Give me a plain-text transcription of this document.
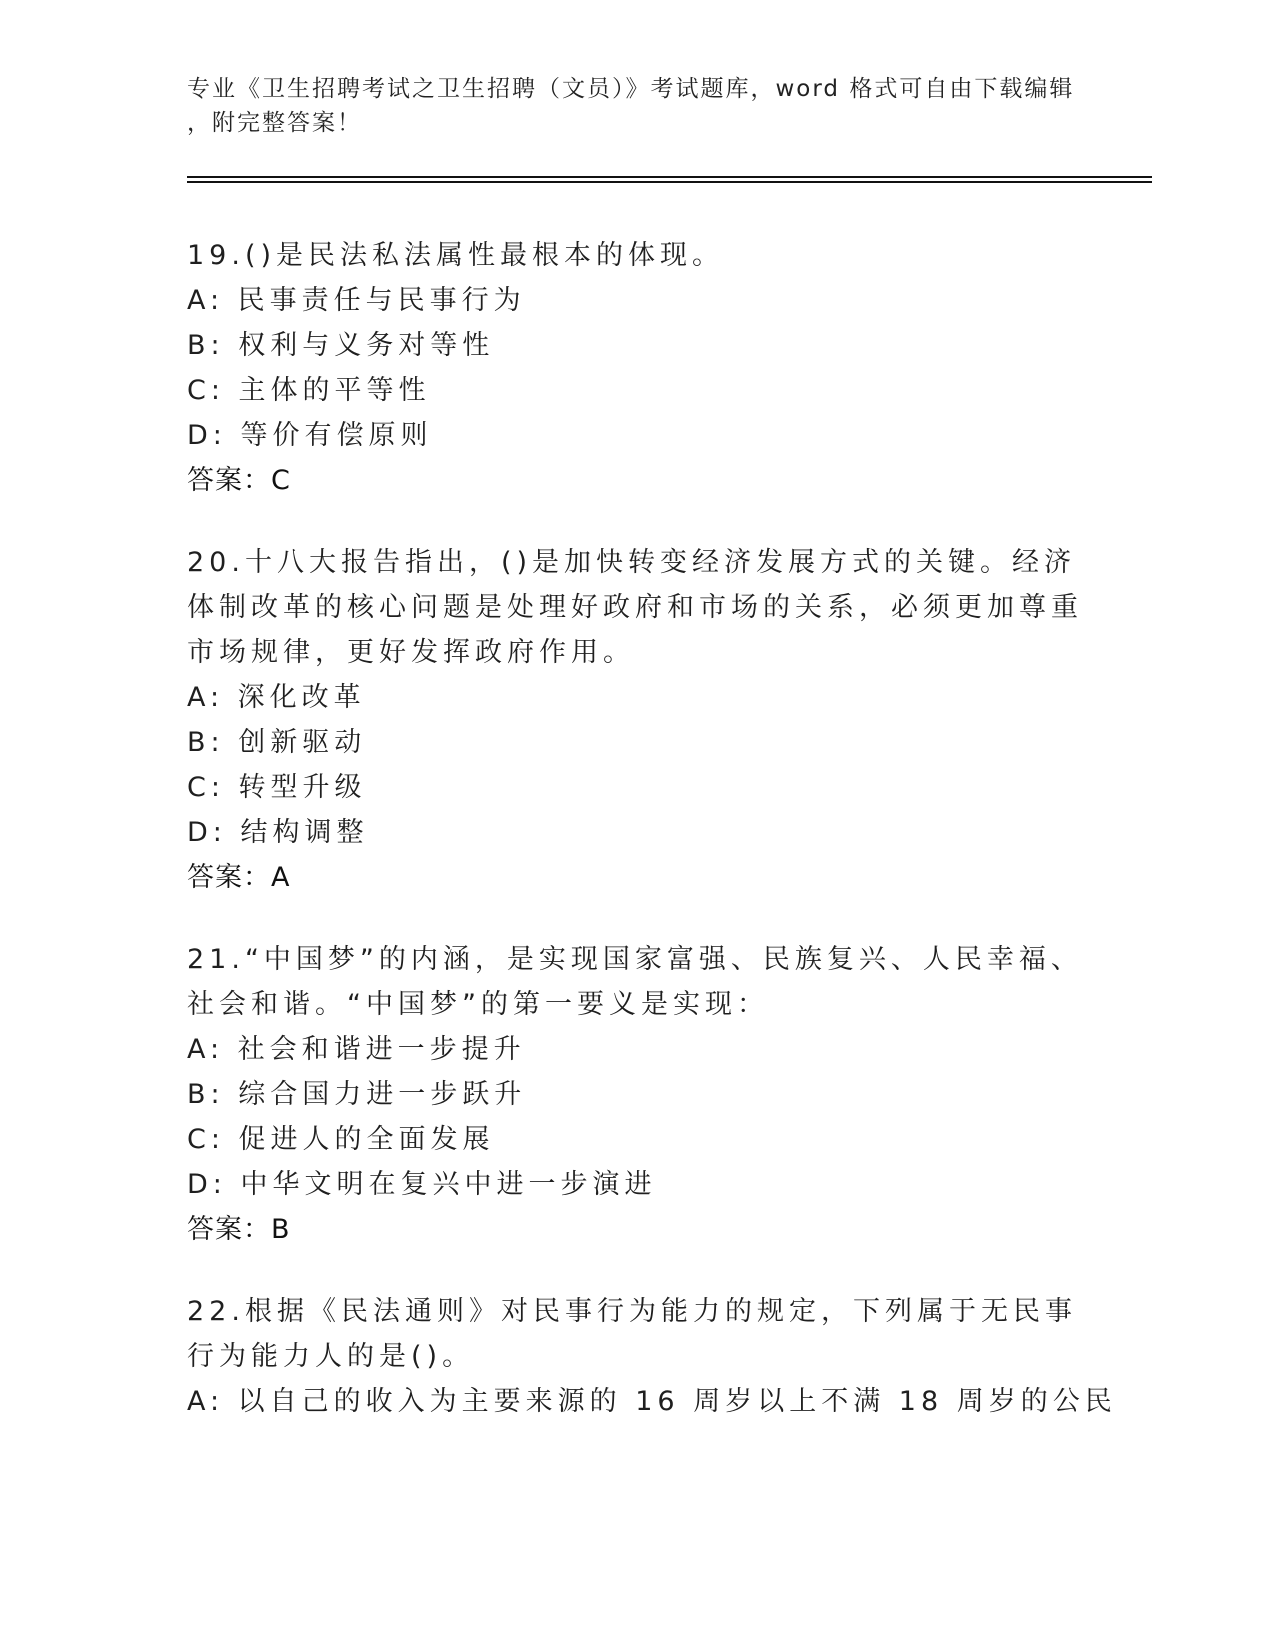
专业《卫生招聘考试之卫生招聘（文员）》考试题库，word 格式可自由下载编辑

，附完整答案！

19.()是民法私法属性最根本的体现。

A: 民事责任与民事行为

B: 权利与义务对等性

C: 主体的平等性

D: 等价有偿原则

答案：C

20.十八大报告指出，()是加快转变经济发展方式的关键。经济体制改革的核心问题是处理好政府和市场的关系，必须更加尊重市场规律，更好发挥政府作用。

A: 深化改革

B: 创新驱动

C: 转型升级

D: 结构调整

答案：A

21.“中国梦”的内涵，是实现国家富强、民族复兴、人民幸福、社会和谐。“中国梦”的第一要义是实现：

A: 社会和谐进一步提升

B: 综合国力进一步跃升

C: 促进人的全面发展

D: 中华文明在复兴中进一步演进

答案：B

22.根据《民法通则》对民事行为能力的规定，下列属于无民事行为能力人的是()。

A: 以自己的收入为主要来源的 16 周岁以上不满 18 周岁的公民
